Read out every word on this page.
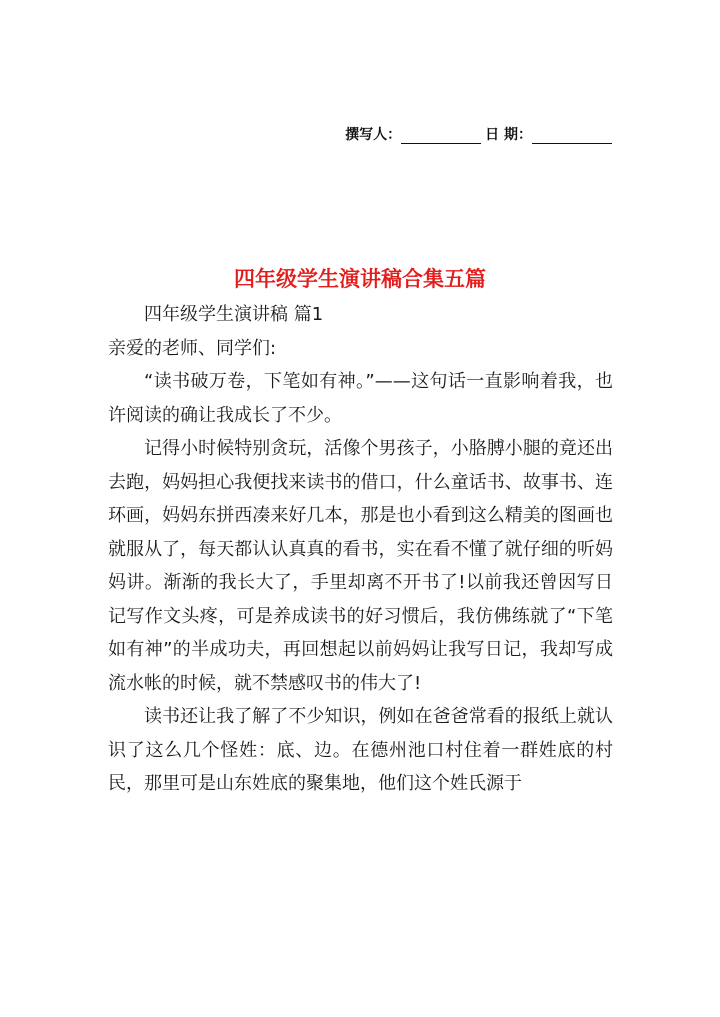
撰写人：	日 期：
四年级学生演讲稿合集五篇

四年级学生演讲稿 篇1

亲爱的老师、同学们:

“读书破万卷，下笔如有神。”——这句话一直影响着我，也许阅读的确让我成长了不少。

记得小时候特别贪玩，活像个男孩子，小胳膊小腿的竟还出去跑，妈妈担心我便找来读书的借口，什么童话书、故事书、连环画，妈妈东拼西凑来好几本，那是也小看到这么精美的图画也就服从了，每天都认认真真的看书，实在看不懂了就仔细的听妈妈讲。渐渐的我长大了，手里却离不开书了!以前我还曾因写日记写作文头疼，可是养成读书的好习惯后，我仿佛练就了“下笔如有神”的半成功夫，再回想起以前妈妈让我写日记，我却写成流水帐的时候，就不禁感叹书的伟大了!

读书还让我了解了不少知识，例如在爸爸常看的报纸上就认识了这么几个怪姓：底、边。在德州池口村住着一群姓底的村民，那里可是山东姓底的聚集地，他们这个姓氏源于
